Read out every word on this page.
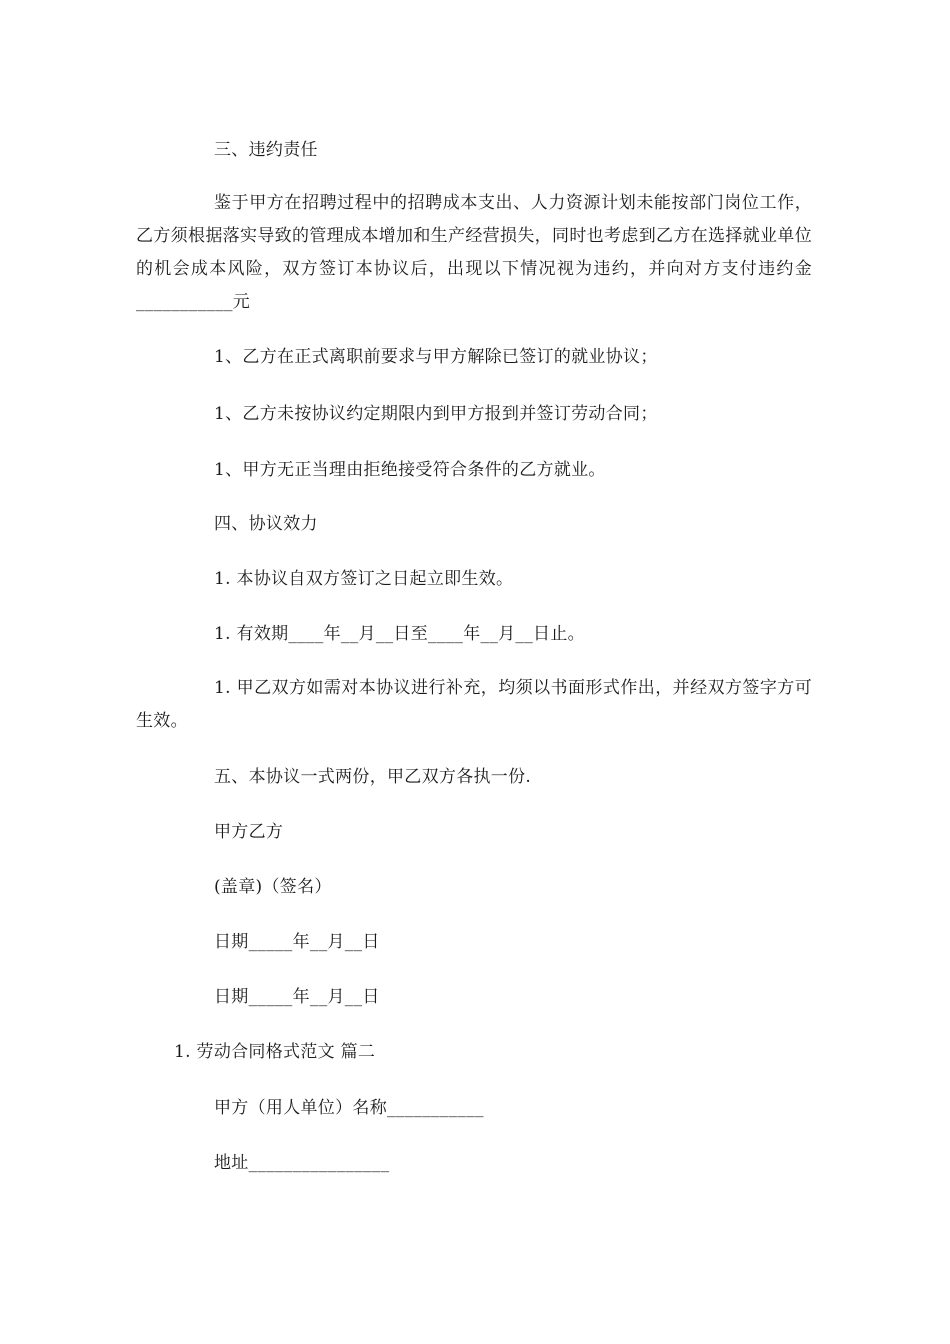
三、违约责任
鉴于甲方在招聘过程中的招聘成本支出、人力资源计划未能按部门岗位工作，乙方须根据落实导致的管理成本增加和生产经营损失，同时也考虑到乙方在选择就业单位的机会成本风险，双方签订本协议后，出现以下情况视为违约，并向对方支付违约金___________元
1、乙方在正式离职前要求与甲方解除已签订的就业协议；
1、乙方未按协议约定期限内到甲方报到并签订劳动合同；
1、甲方无正当理由拒绝接受符合条件的乙方就业。
四、协议效力
1. 本协议自双方签订之日起立即生效。
1. 有效期____年__月__日至____年__月__日止。
1. 甲乙双方如需对本协议进行补充，均须以书面形式作出，并经双方签字方可生效。
五、本协议一式两份，甲乙双方各执一份.
甲方乙方
(盖章)（签名）
日期_____年__月__日
日期_____年__月__日
1. 劳动合同格式范文 篇二
甲方（用人单位）名称___________
地址________________
